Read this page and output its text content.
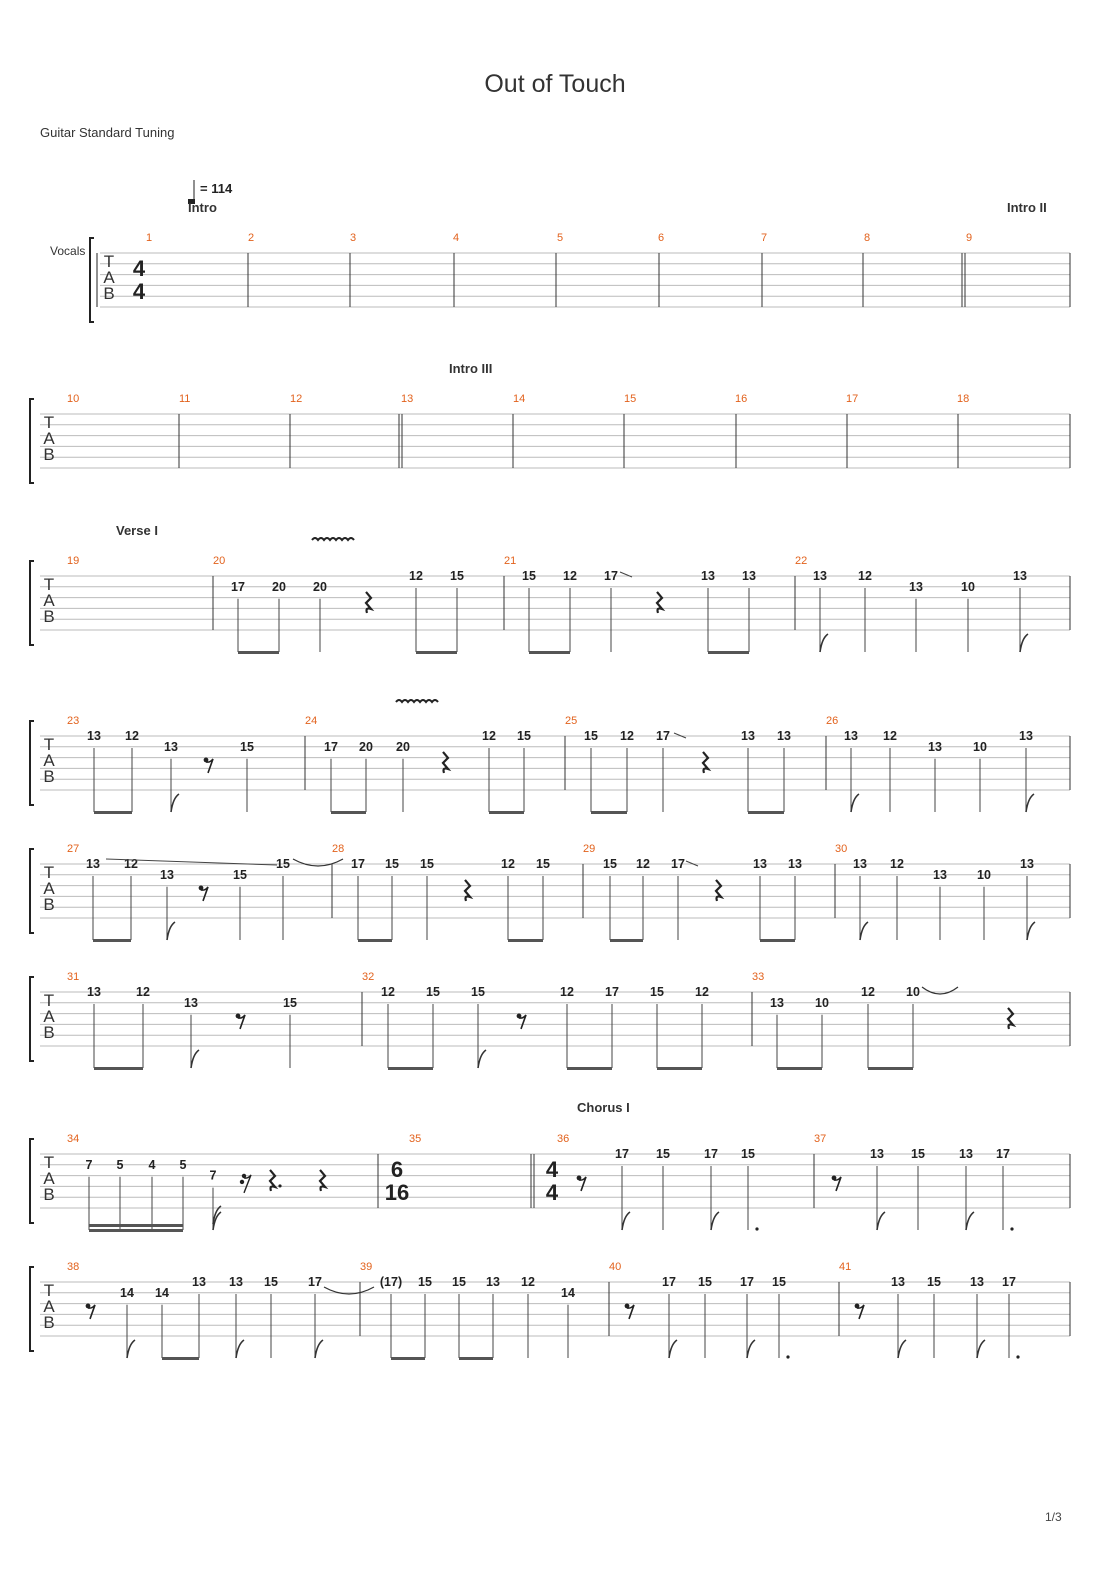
Out of Touch
Guitar Standard Tuning
T
A
B
1	2	3	4	5	6	7	8	9
T
A
B
10	11	12	13	14	15	16	17	18
T
A
B
19	20	21	22
17 20 20
12 15	15 12 17	13 13	13 12
13	10
13
T
A
B
23	24	25	26
13 12
13	15	17 20 20
12 15	15 12 17	13 13	13 12
13 10
13
T
A
B
27	28	29	30
13 12
13	15
15	17 15 15	12 15	15 12 17	13 13	13 12
13 10
13
T
A
B
31	32	33
13	12
13	15
12 15 15	12 17 15 12
13 10
12 10
T
A
B
34	35	36	37
7 5 4 5
7
17 15	17 15	13 15	13 17
T
A
B
38	39	40	41
14 14
13 13 15 17	(17) 15 15 13 12
14
17 15 17 15	13 15 13 17
4
4
6
16
4
4
Vocals
= 114
Intro	Intro II
Intro III
Verse I
Chorus I
1/3
